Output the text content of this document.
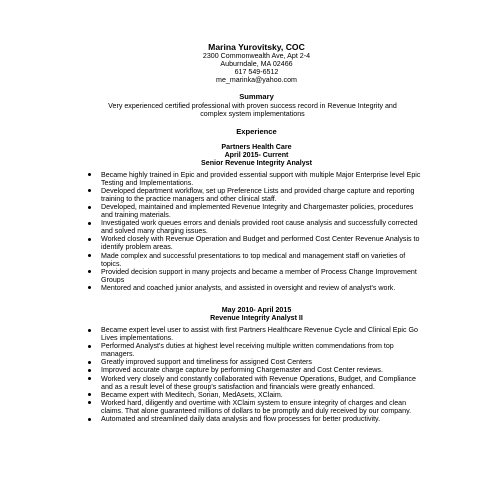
Marina Yurovitsky, COC
2300 Commonwealth Ave, Apt 2-4
Auburndale, MA 02466
617 549-6512
me_marinka@yahoo.com
Summary
Very experienced certified professional with proven success record in Revenue Integrity and
complex system implementations
Experience
Partners Health Care
April 2015- Current
Senior Revenue Integrity Analyst
Became highly trained in Epic and provided essential support with multiple Major Enterprise level Epic Testing and Implementations.
Developed department workflow, set up Preference Lists and provided charge capture and reporting training to the practice managers and other clinical staff.
Developed, maintained and implemented Revenue Integrity and Chargemaster policies, procedures and training materials.
Investigated work queues errors and denials provided root cause analysis and successfully corrected and solved many charging issues.
Worked closely with Revenue Operation and Budget and performed Cost Center Revenue Analysis to identify problem areas.
Made complex and successful presentations to top medical and management staff on varieties of topics.
Provided decision support in many projects and became a member of Process Change Improvement Groups
Mentored and coached junior analysts, and assisted in oversight and review of analyst's work.
May 2010- April 2015
Revenue Integrity Analyst II
Became expert level user to assist with first Partners Healthcare Revenue Cycle and Clinical Epic Go Lives implementations.
Performed Analyst's duties at highest level receiving multiple written commendations from top managers.
Greatly improved support and timeliness for assigned Cost Centers
Improved accurate charge capture by performing Chargemaster and Cost Center reviews.
Worked very closely and constantly collaborated with Revenue Operations, Budget, and Compliance and as a result level of these group's satisfaction and financials were greatly enhanced.
Became expert with Meditech, Sorian, MedAsets, XClaim.
Worked hard, diligently and overtime with XClaim system to ensure integrity of charges and clean claims. That alone guaranteed millions of dollars to be promptly and duly received by our company.
Automated and streamlined daily data analysis and flow processes for better productivity.
